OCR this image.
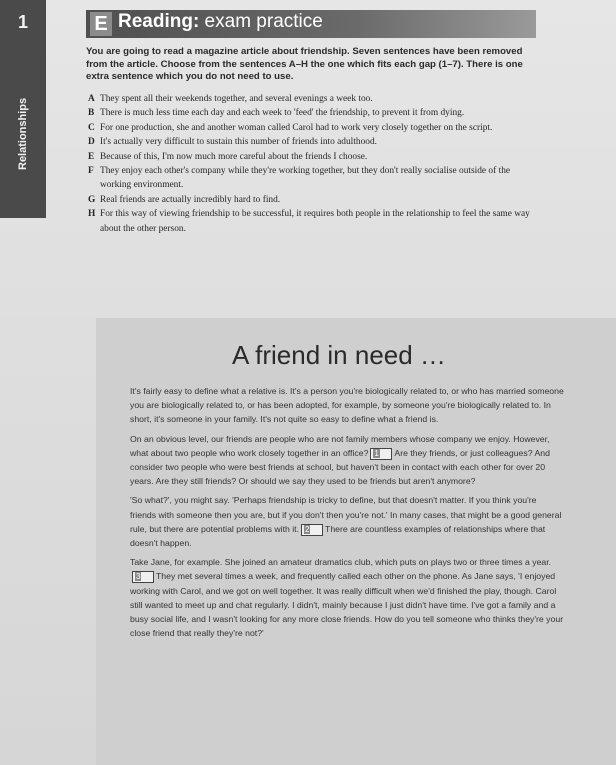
1
Relationships
E Reading: exam practice
You are going to read a magazine article about friendship. Seven sentences have been removed from the article. Choose from the sentences A–H the one which fits each gap (1–7). There is one extra sentence which you do not need to use.
A They spent all their weekends together, and several evenings a week too.
B There is much less time each day and each week to 'feed' the friendship, to prevent it from dying.
C For one production, she and another woman called Carol had to work very closely together on the script.
D It's actually very difficult to sustain this number of friends into adulthood.
E Because of this, I'm now much more careful about the friends I choose.
F They enjoy each other's company while they're working together, but they don't really socialise outside of the working environment.
G Real friends are actually incredibly hard to find.
H For this way of viewing friendship to be successful, it requires both people in the relationship to feel the same way about the other person.
A friend in need …

It's fairly easy to define what a relative is. It's a person you're biologically related to, or who has married someone you are biologically related to, or has been adopted, for example, by someone you're biologically related to. In short, it's someone in your family. It's not quite so easy to define what a friend is.

On an obvious level, our friends are people who are not family members whose company we enjoy. However, what about two people who work closely together in an office? 1 Are they friends, or just colleagues? And consider two people who were best friends at school, but haven't been in contact with each other for over 20 years. Are they still friends? Or should we say they used to be friends but aren't anymore?

'So what?', you might say. 'Perhaps friendship is tricky to define, but that doesn't matter. If you think you're friends with someone then you are, but if you don't then you're not.' In many cases, that might be a good general rule, but there are potential problems with it. 2 There are countless examples of relationships where that doesn't happen.

Take Jane, for example. She joined an amateur dramatics club, which puts on plays two or three times a year.3 They met several times a week, and frequently called each other on the phone. As Jane says, 'I enjoyed working with Carol, and we got on well together. It was really difficult when we'd finished the play, though. Carol still wanted to meet up and chat regularly. I didn't, mainly because I just didn't have time. I've got a family and a busy social life, and I wasn't looking for any more close friends. How do you tell someone who thinks they're your close friend that really they're not?'
